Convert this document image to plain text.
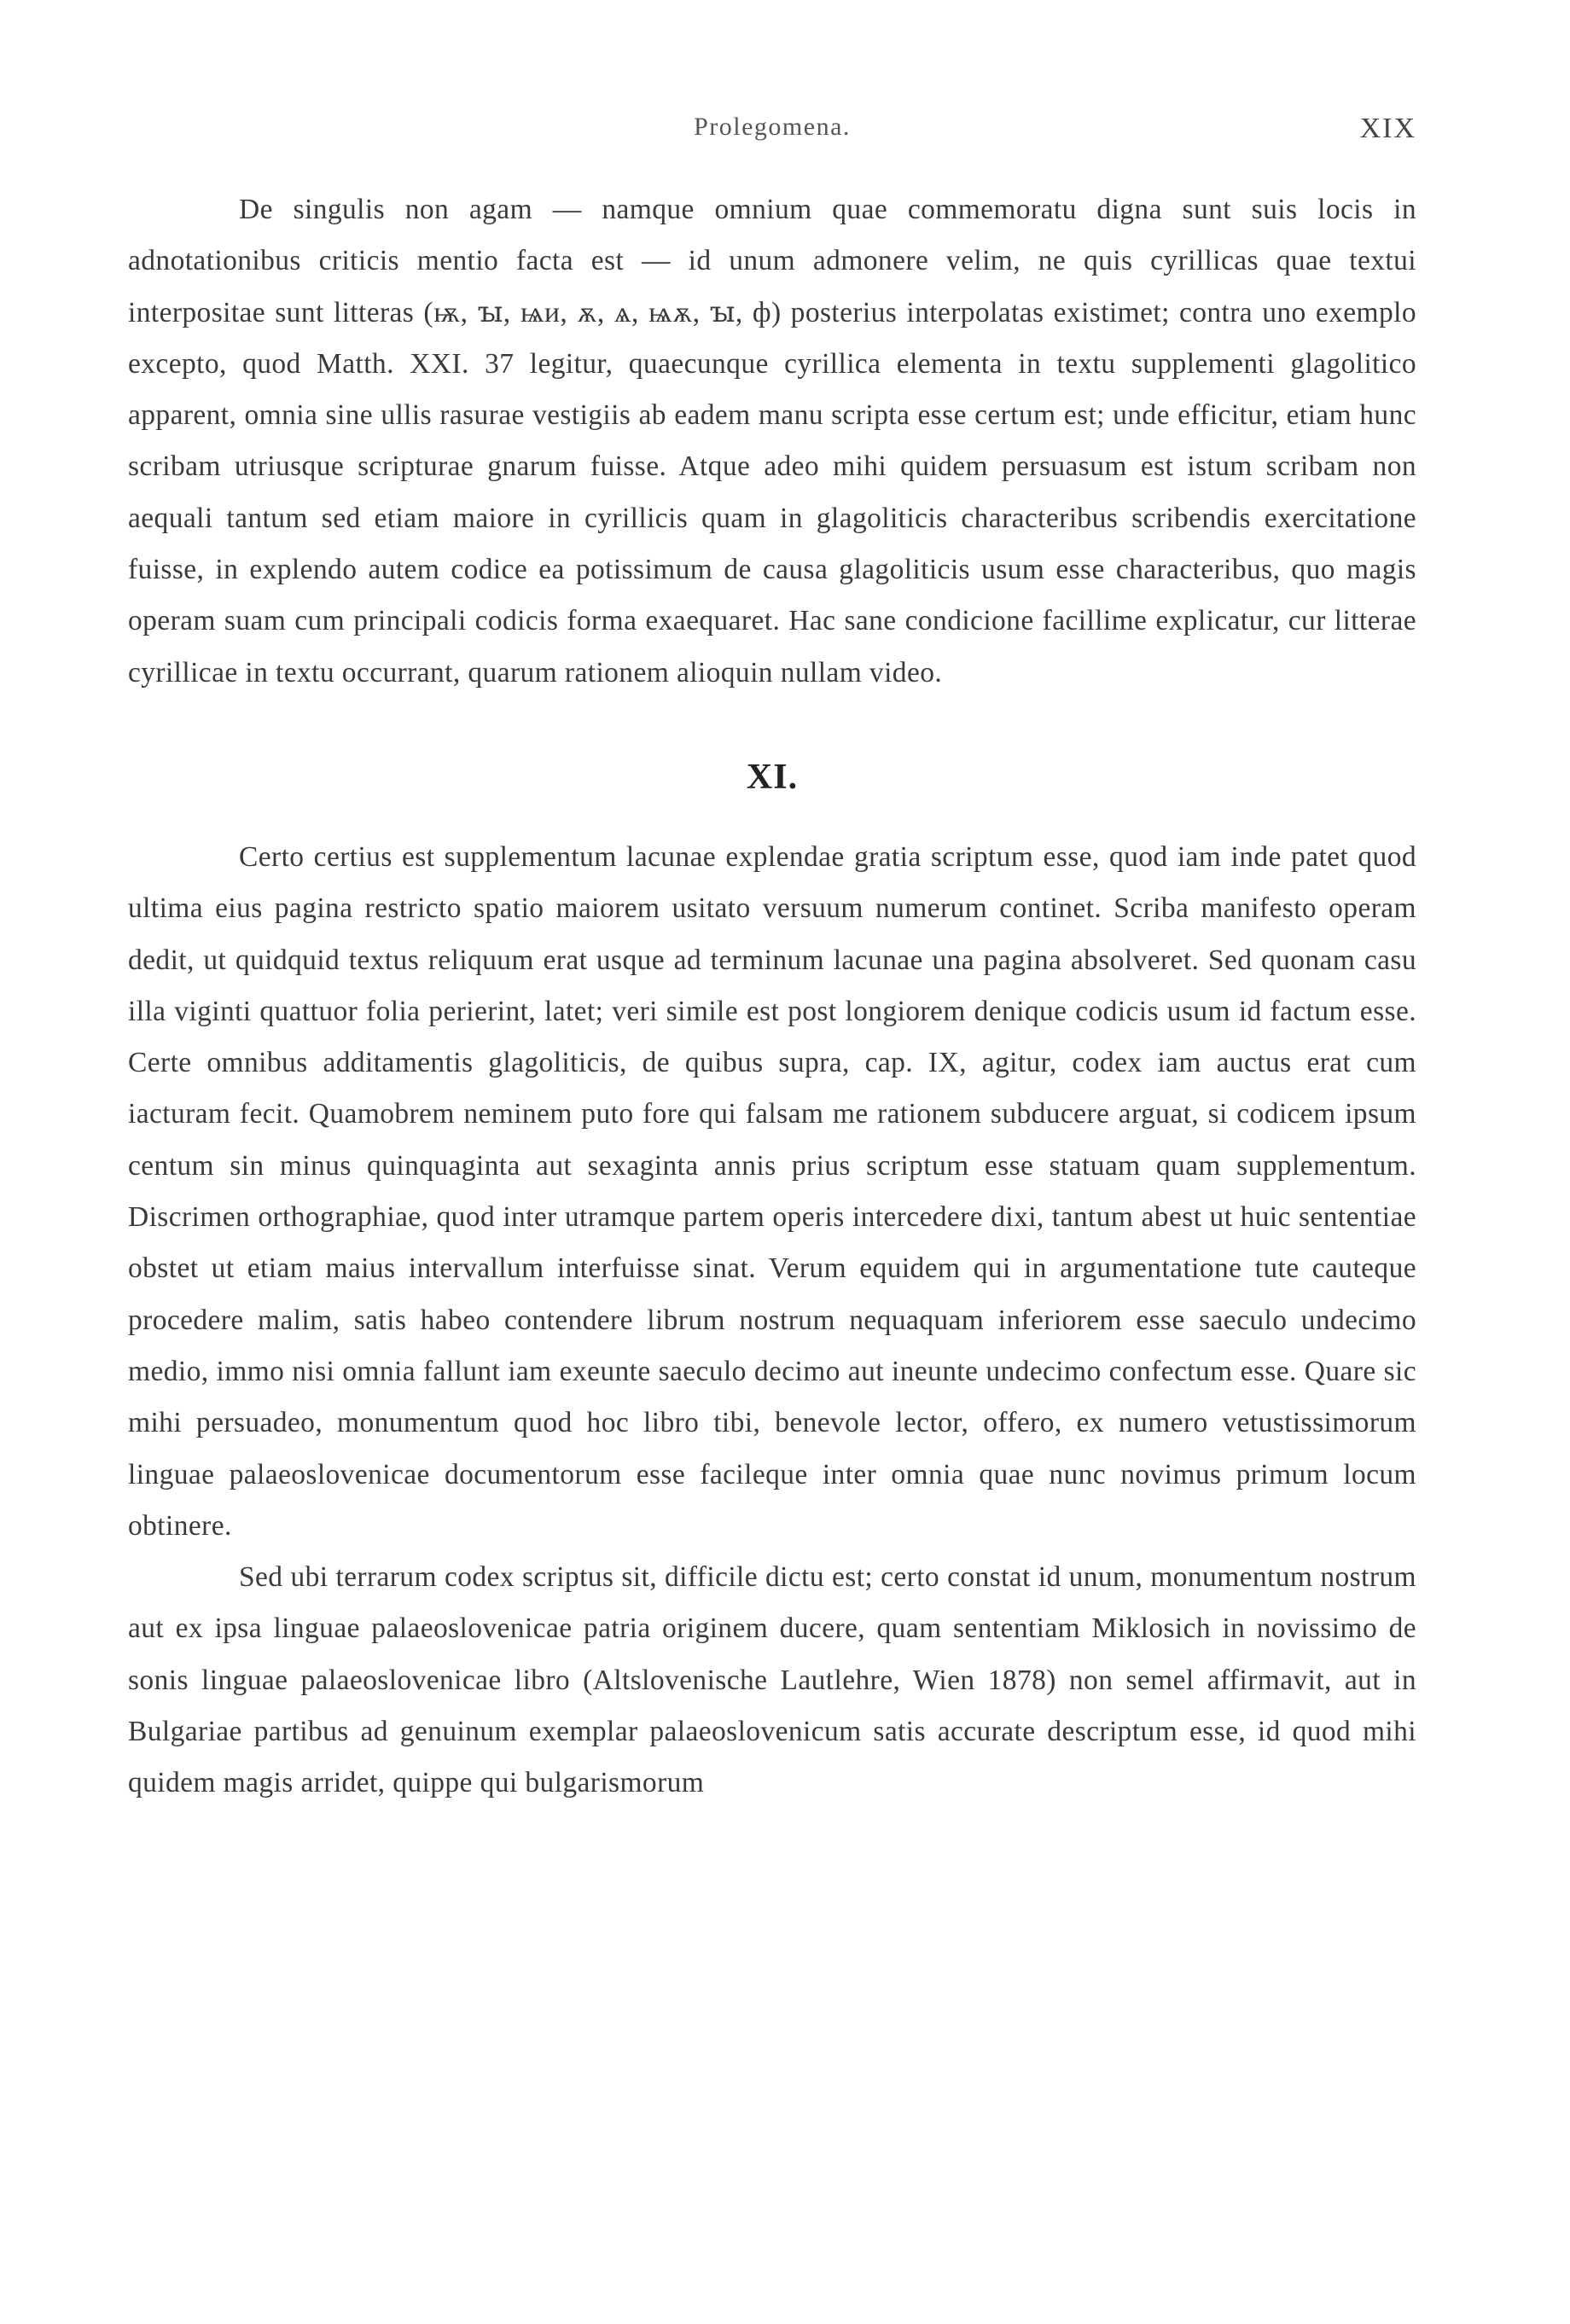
Prolegomena.	XIX

De singulis non agam — namque omnium quae commemoratu digna sunt suis locis in adnotationibus criticis mentio facta est — id unum admonere velim, ne quis cyrillicas quae textui interpositae sunt litteras (ѭ, ꙑ, ѩи, ѫ, ѧ, ѩѫ, ꙑ, ф) posterius interpolatas existimet; contra uno exemplo excepto, quod Matth. XXI. 37 legitur, quaecunque cyrillica elementa in textu supplementi glagolitico apparent, omnia sine ullis rasurae vestigiis ab eadem manu scripta esse certum est; unde efficitur, etiam hunc scribam utriusque scripturae gnarum fuisse. Atque adeo mihi quidem persuasum est istum scribam non aequali tantum sed etiam maiore in cyrillicis quam in glagoliticis characteribus scribendis exercitatione fuisse, in explendo autem codice ea potissimum de causa glagoliticis usum esse characteribus, quo magis operam suam cum principali codicis forma exaequaret. Hac sane condicione facillime explicatur, cur litterae cyrillicae in textu occurrant, quarum rationem alioquin nullam video.

XI.

Certo certius est supplementum lacunae explendae gratia scriptum esse, quod iam inde patet quod ultima eius pagina restricto spatio maiorem usitato versuum numerum continet. Scriba manifesto operam dedit, ut quidquid textus reliquum erat usque ad terminum lacunae una pagina absolveret. Sed quonam casu illa viginti quattuor folia perierint, latet; veri simile est post longiorem denique codicis usum id factum esse. Certe omnibus additamentis glagoliticis, de quibus supra, cap. IX, agitur, codex iam auctus erat cum iacturam fecit. Quamobrem neminem puto fore qui falsam me rationem subducere arguat, si codicem ipsum centum sin minus quinquaginta aut sexaginta annis prius scriptum esse statuam quam supplementum. Discrimen orthographiae, quod inter utramque partem operis intercedere dixi, tantum abest ut huic sententiae obstet ut etiam maius intervallum interfuisse sinat. Verum equidem qui in argumentatione tute cauteque procedere malim, satis habeo contendere librum nostrum nequaquam inferiorem esse saeculo undecimo medio, immo nisi omnia fallunt iam exeunte saeculo decimo aut ineunte undecimo confectum esse. Quare sic mihi persuadeo, monumentum quod hoc libro tibi, benevole lector, offero, ex numero vetustissimorum linguae palaeoslovenicae documentorum esse facileque inter omnia quae nunc novimus primum locum obtinere.

Sed ubi terrarum codex scriptus sit, difficile dictu est; certo constat id unum, monumentum nostrum aut ex ipsa linguae palaeoslovenicae patria originem ducere, quam sententiam Miklosich in novissimo de sonis linguae palaeoslovenicae libro (Altslovenische Lautlehre, Wien 1878) non semel affirmavit, aut in Bulgariae partibus ad genuinum exemplar palaeoslovenicum satis accurate descriptum esse, id quod mihi quidem magis arridet, quippe qui bulgarismorum
